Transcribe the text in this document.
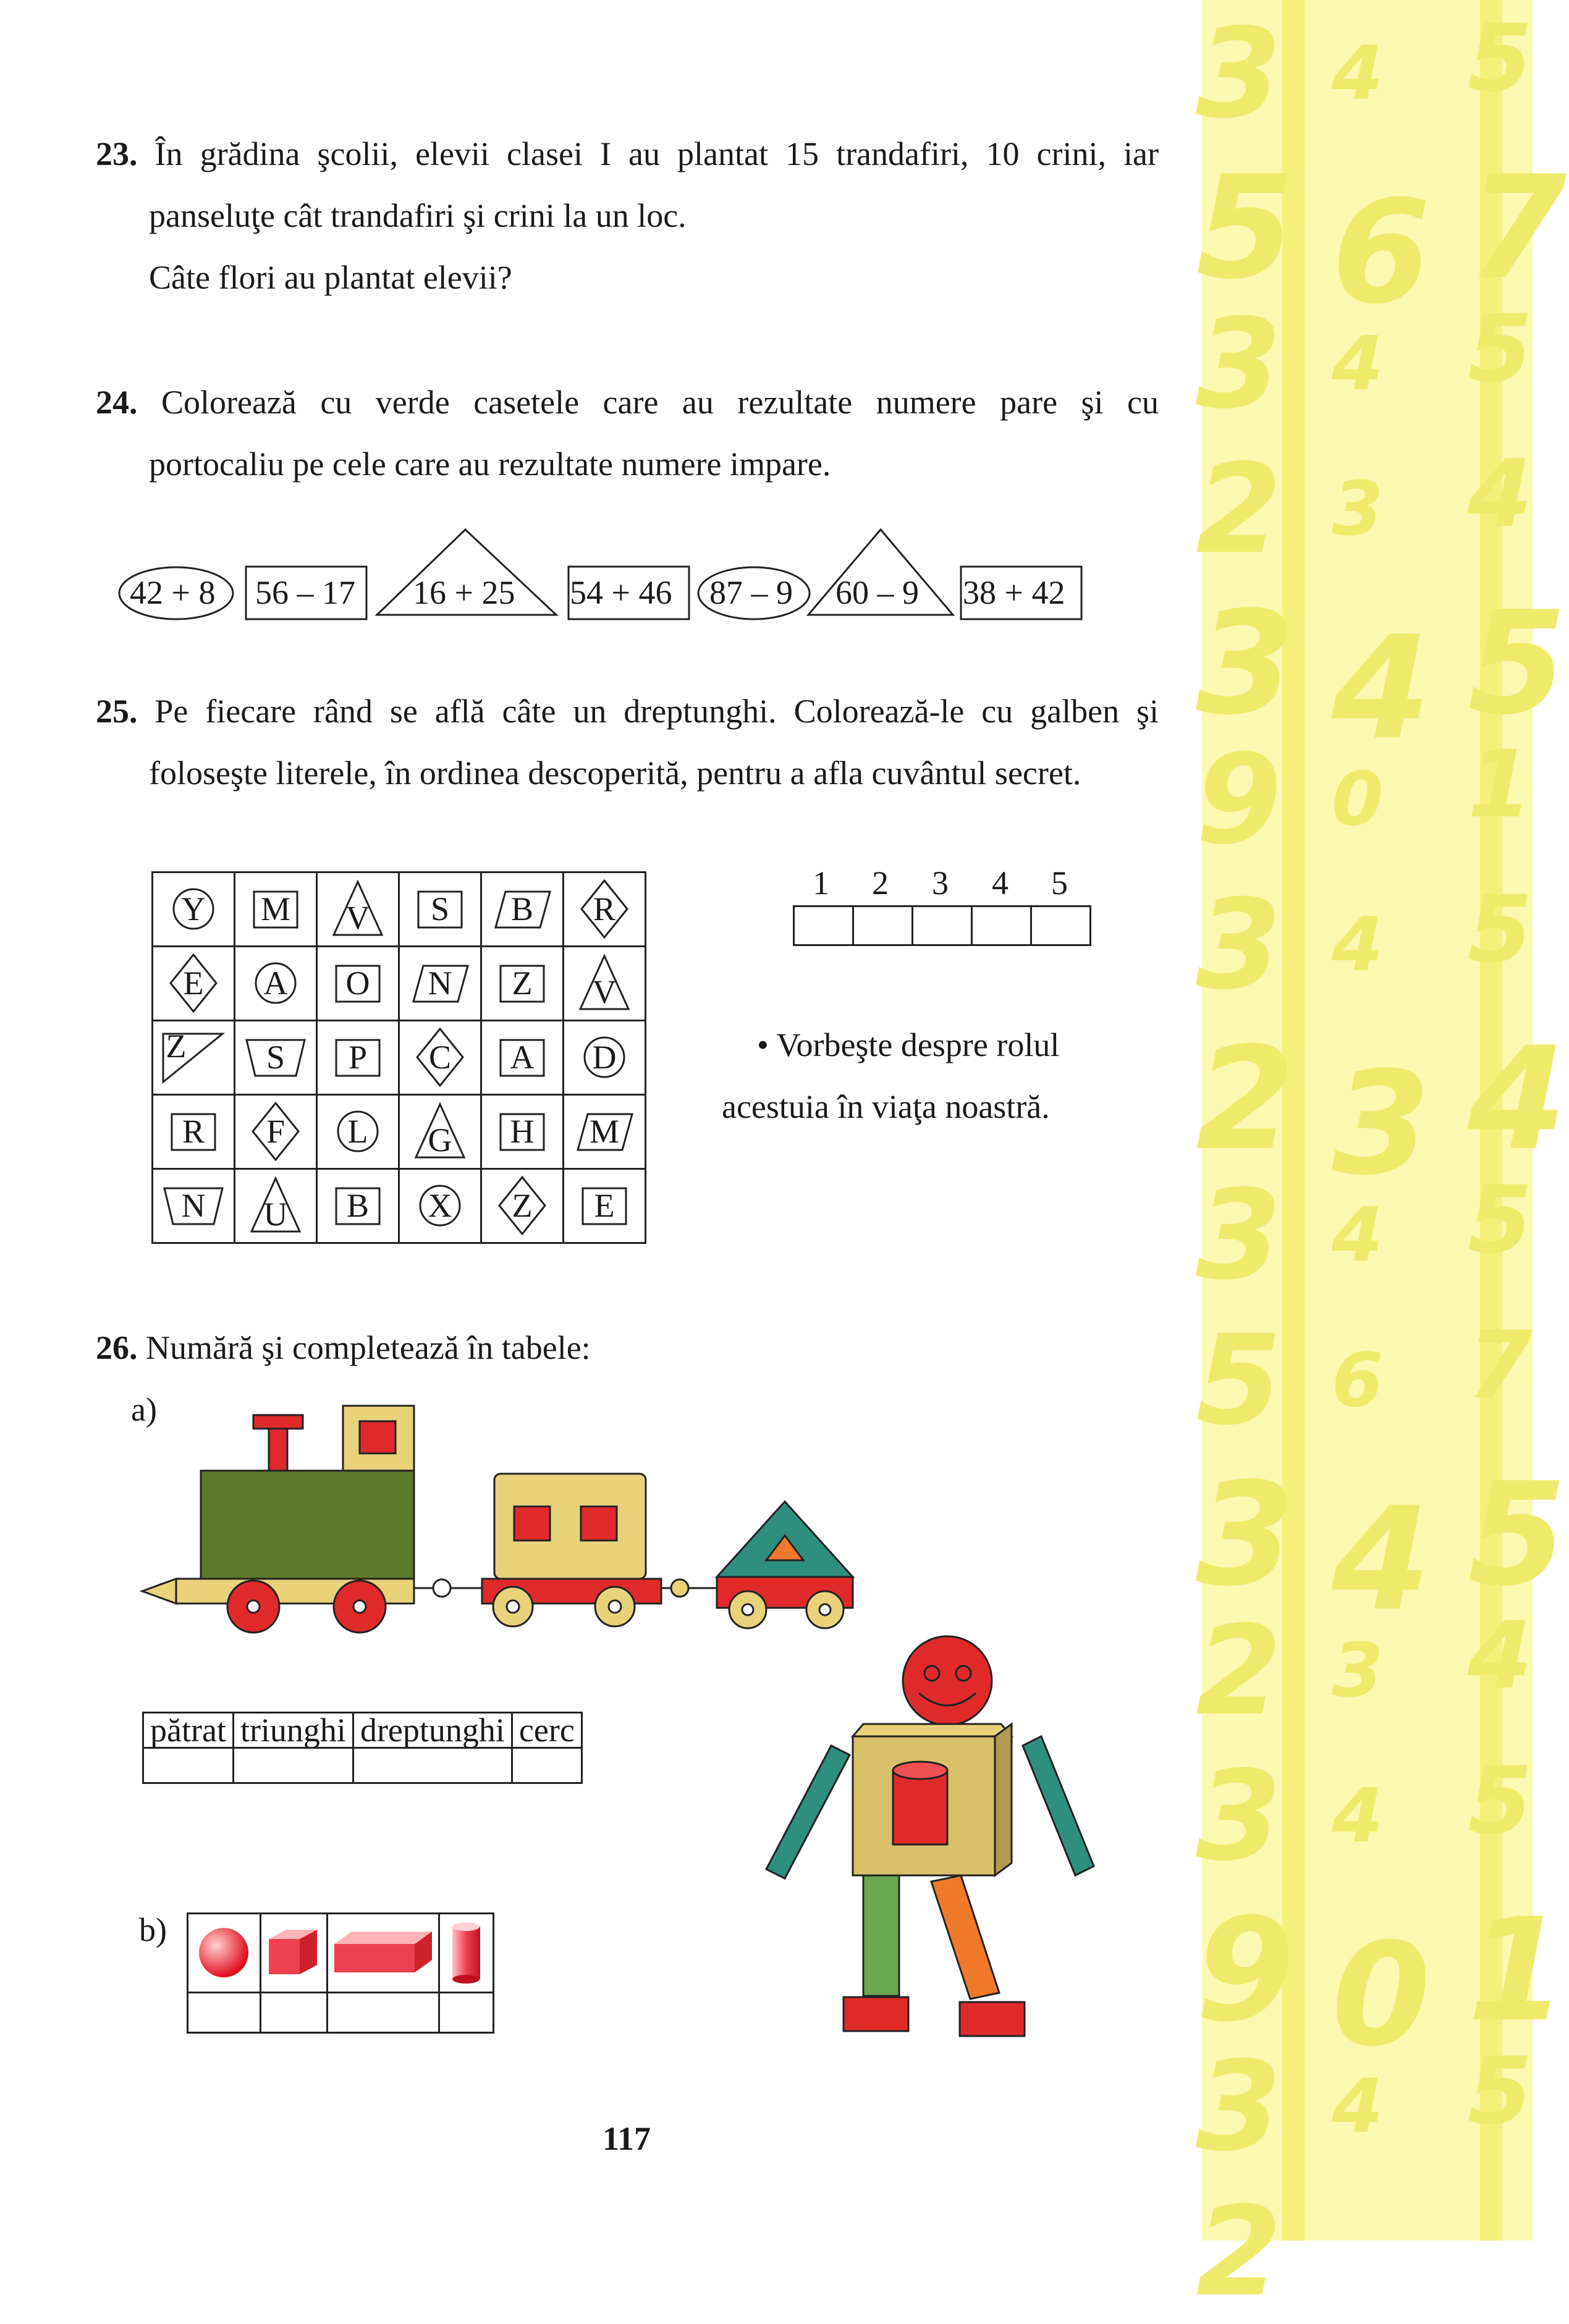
3 4 5
5 6 7
3 4 5
2 3 4
3 4 5
9 0 1
3 4 5
2 3 4
3 4 5
5 6 7
3 4 5
2 3 4
3 4 5
9 0 1
3 4 5
2
23. În grădina şcolii, elevii clasei I au plantat 15 trandafiri, 10 crini, iar
panseluţe cât trandafiri şi crini la un loc.
Câte flori au plantat elevii?
24. Colorează cu verde casetele care au rezultate numere pare şi cu
portocaliu pe cele care au rezultate numere impare.
42 + 8 56 – 17 16 + 25 54 + 46 87 – 9 60 – 9 38 + 42
25. Pe fiecare rând se află câte un dreptunghi. Colorează-le cu galben şi
foloseşte literele, în ordinea descoperită, pentru a afla cuvântul secret.
Y	M	V	S	B	R

E	A	O	N	Z	V

Z	S	P	C	A	D

R	F	L	G	H	M

N	U	B	X	Z	E
1 2 3 4 5

• Vorbeşte despre rolul
acestuia în viaţa noastră.
26. Numără şi completează în tabele:
a)
pătrat	triunghi	dreptunghi	cerc

b)

117
